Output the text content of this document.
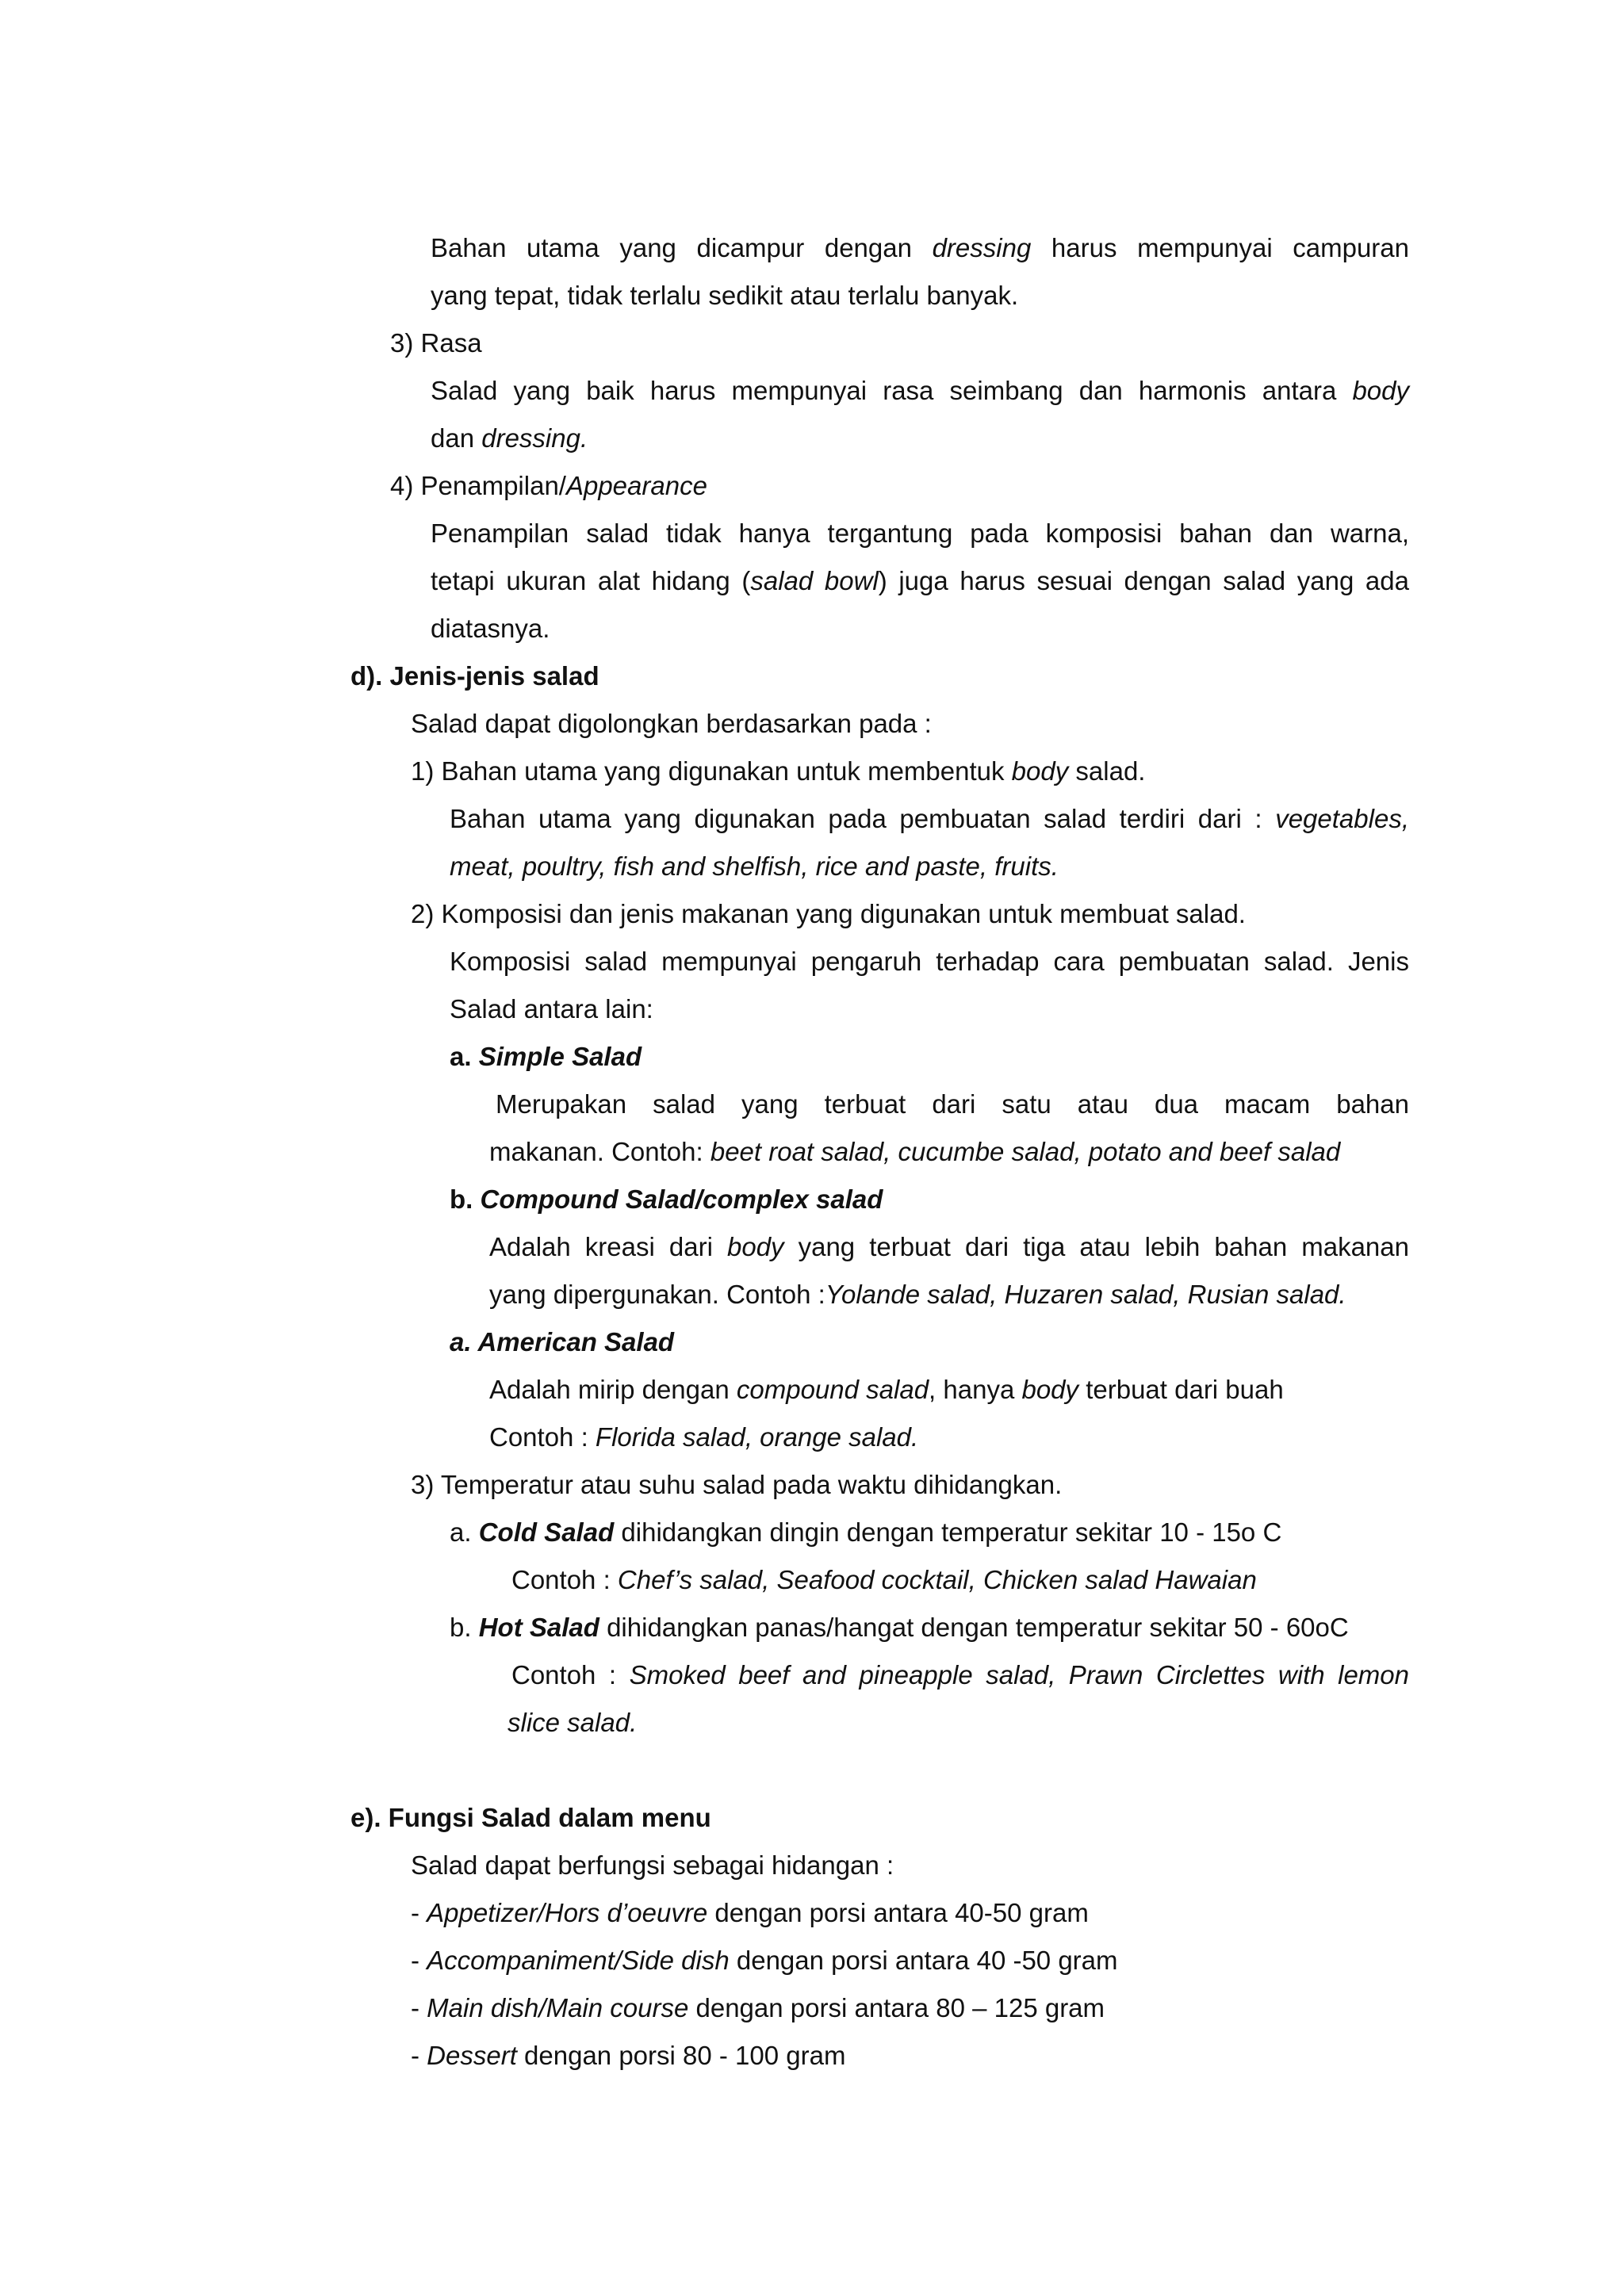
Bahan utama yang dicampur dengan dressing harus mempunyai campuran
yang tepat, tidak terlalu sedikit atau terlalu banyak.
3) Rasa
Salad yang baik harus mempunyai rasa seimbang dan harmonis antara body
dan dressing.
4) Penampilan/Appearance
Penampilan salad tidak hanya tergantung pada komposisi bahan dan warna,
tetapi ukuran alat hidang (salad bowl) juga harus sesuai dengan salad yang ada
diatasnya.
d). Jenis-jenis salad
Salad dapat digolongkan berdasarkan pada :
1) Bahan utama yang digunakan untuk membentuk body salad.
Bahan utama yang digunakan pada pembuatan salad terdiri dari : vegetables,
meat, poultry, fish and shelfish, rice and paste, fruits.
2) Komposisi dan jenis makanan yang digunakan untuk membuat salad.
Komposisi salad mempunyai pengaruh terhadap cara pembuatan salad. Jenis
Salad antara lain:
a. Simple Salad
Merupakan salad yang terbuat dari satu atau dua macam bahan
makanan. Contoh: beet roat salad, cucumbe salad, potato and beef salad
b. Compound Salad/complex salad
Adalah kreasi dari body yang terbuat dari tiga atau lebih bahan makanan
yang dipergunakan. Contoh :Yolande salad, Huzaren salad, Rusian salad.
a. American Salad
Adalah mirip dengan compound salad, hanya body terbuat dari buah
Contoh : Florida salad, orange salad.
3) Temperatur atau suhu salad pada waktu dihidangkan.
a. Cold Salad dihidangkan dingin dengan temperatur sekitar 10 - 15o C
Contoh : Chef’s salad, Seafood cocktail, Chicken salad Hawaian
b. Hot Salad dihidangkan panas/hangat dengan temperatur sekitar 50 - 60oC
Contoh : Smoked beef and pineapple salad, Prawn Circlettes with lemon
slice salad.
e). Fungsi Salad dalam menu
Salad dapat berfungsi sebagai hidangan :
- Appetizer/Hors d’oeuvre dengan porsi antara 40-50 gram
- Accompaniment/Side dish dengan porsi antara 40 -50 gram
- Main dish/Main course dengan porsi antara 80 – 125 gram
- Dessert dengan porsi 80 - 100 gram
